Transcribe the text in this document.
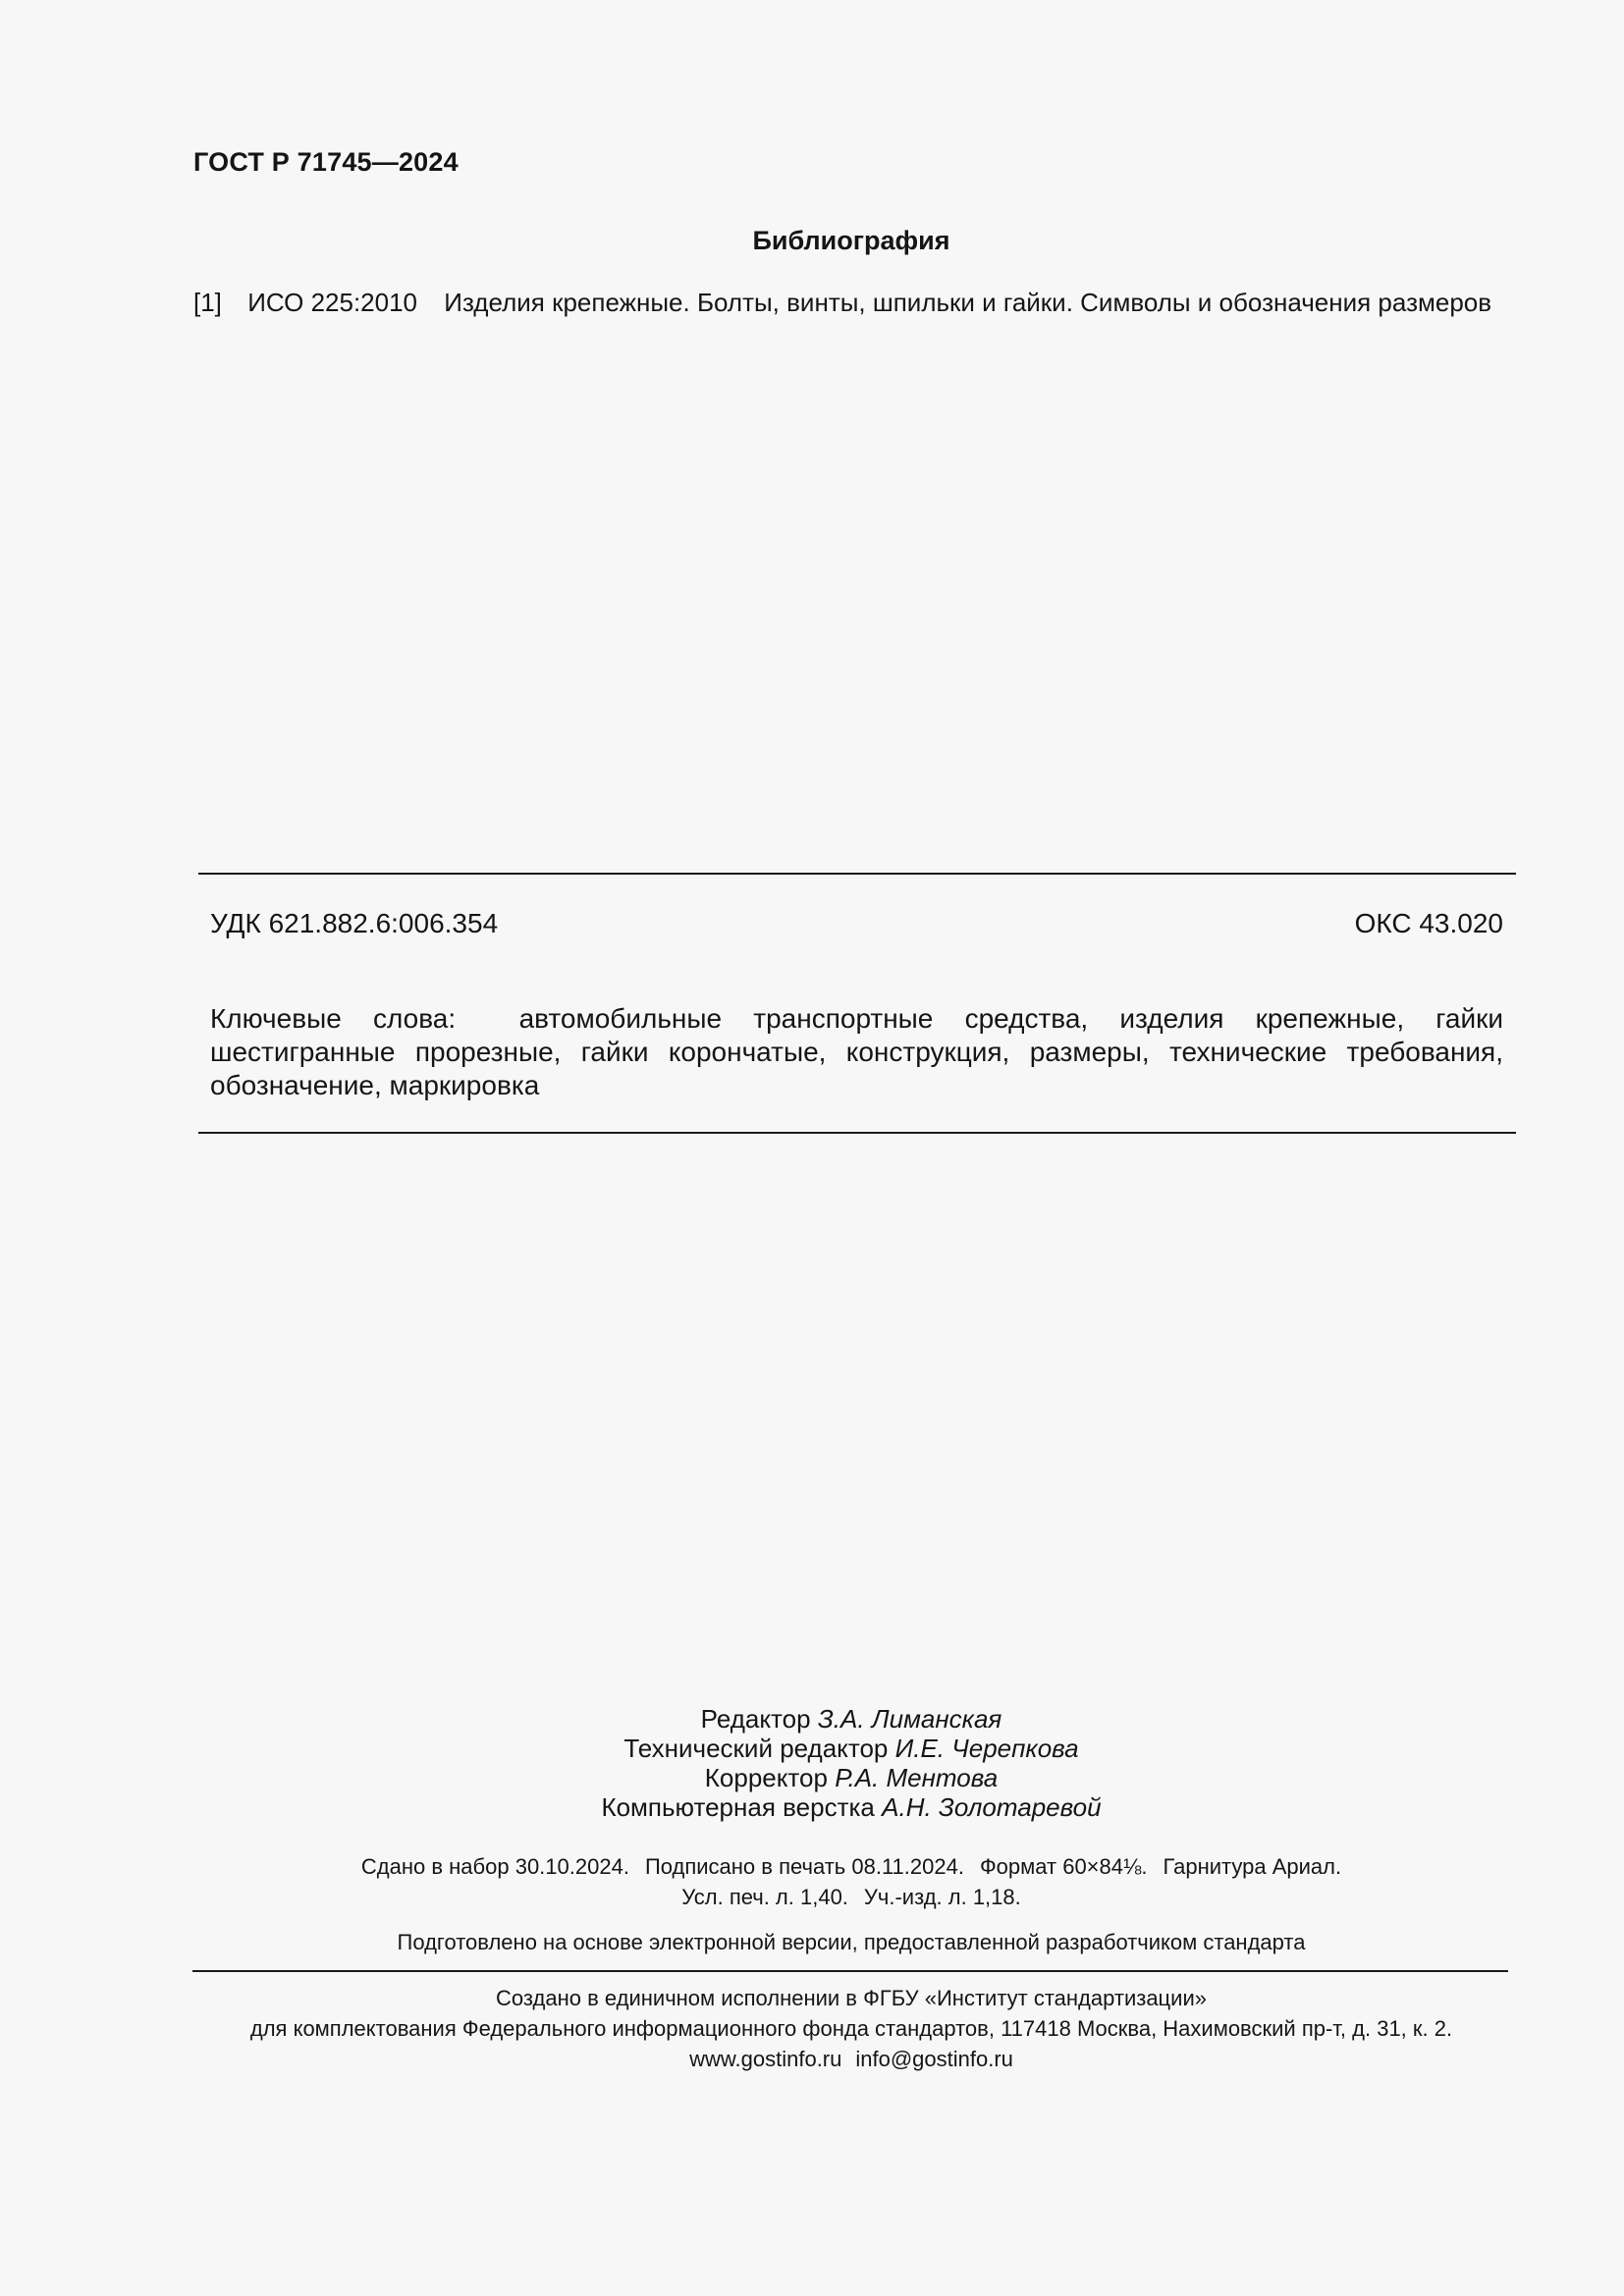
ГОСТ Р 71745—2024
Библиография
[1] ИСО 225:2010 Изделия крепежные. Болты, винты, шпильки и гайки. Символы и обозначения размеров
УДК 621.882.6:006.354	ОКС 43.020
Ключевые слова: автомобильные транспортные средства, изделия крепежные, гайки шестигранные прорезные, гайки корончатые, конструкция, размеры, технические требования, обозначение, маркировка
Редактор З.А. Лиманская
Технический редактор И.Е. Черепкова
Корректор Р.А. Ментова
Компьютерная верстка А.Н. Золотаревой
Сдано в набор 30.10.2024. Подписано в печать 08.11.2024. Формат 60×84⅛. Гарнитура Ариал.
Усл. печ. л. 1,40. Уч.-изд. л. 1,18.
Подготовлено на основе электронной версии, предоставленной разработчиком стандарта
Создано в единичном исполнении в ФГБУ «Институт стандартизации»
для комплектования Федерального информационного фонда стандартов, 117418 Москва, Нахимовский пр-т, д. 31, к. 2.
www.gostinfo.ru info@gostinfo.ru
